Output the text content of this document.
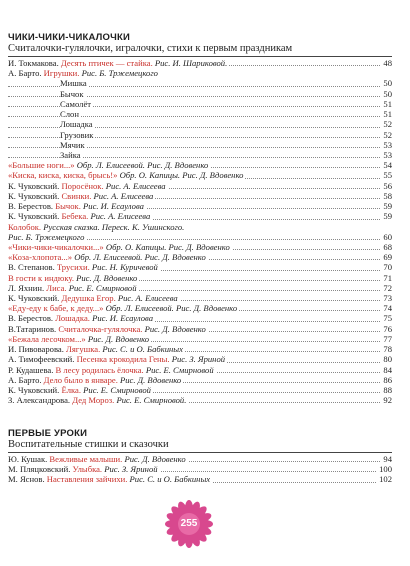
ЧИКИ-ЧИКИ-ЧИКАЛОЧКИ
Считалочки-гулялочки, игралочки, стихи к первым праздникам
И. Токмакова. Десять птичек — стайка. Рис. И. Шариковой.	48
А. Барто. Игрушки. Рис. Б. Тржемецкого
Мишка	50
Бычок	50
Самолёт	51
Слон	51
Лошадка	52
Грузовик	52
Мячик	53
Зайка	53
«Большие ноги...» Обр. Л. Елисеевой. Рис. Д. Вдовенко	54
«Киска, киска, киска, брысь!» Обр. О. Капицы. Рис. Д. Вдовенко	55
К. Чуковский. Поросёнок. Рис. А. Елисеева	56
К. Чуковский. Свинки. Рис. А. Елисеева	58
В. Берестов. Бычок. Рис. И. Есаулова	59
К. Чуковский. Бебека. Рис. А. Елисеева	59
Колобок. Русская сказка. Переск. К. Ушинского.
Рис. Б. Тржемецкого	60
«Чики-чики-чикалочки...» Обр. О. Капицы. Рис. Д. Вдовенко	68
«Коза-хлопота...» Обр. Л. Елисеевой. Рис. Д. Вдовенко	69
В. Степанов. Трусихи. Рис. Н. Куричевой	70
В гости к индюку. Рис. Д. Вдовенко	71
Л. Яхнин. Лиса. Рис. Е. Смирновой	72
К. Чуковский. Дедушка Егор. Рис. А. Елисеева	73
«Еду-еду к бабе, к деду...» Обр. Л. Елисеевой. Рис. Д. Вдовенко	74
В. Берестов. Лошадка. Рис. И. Есаулова	75
В.Татаринов. Считалочка-гулялочка. Рис. Д. Вдовенко	76
«Бежала лесочком...» Рис. Д. Вдовенко	77
И. Пивоварова. Лягушка. Рис. С. и О. Бабкиных	78
А. Тимофеевский. Песенка крокодила Гены. Рис. З. Яриной	80
Р. Кудашева. В лесу родилась ёлочка. Рис. Е. Смирновой	84
А. Барто. Дело было в январе. Рис. Д. Вдовенко	86
К. Чуковский. Ёлка. Рис. Е. Смирновой	88
З. Александрова. Дед Мороз. Рис. Е. Смирновой.	92
ПЕРВЫЕ УРОКИ
Воспитательные стишки и сказочки
Ю. Кушак. Вежливые малыши. Рис. Д. Вдовенко	94
М. Пляцковский. Улыбка. Рис. З. Яриной	100
М. Яснов. Наставления зайчихи. Рис. С. и О. Бабкиных	102
255
